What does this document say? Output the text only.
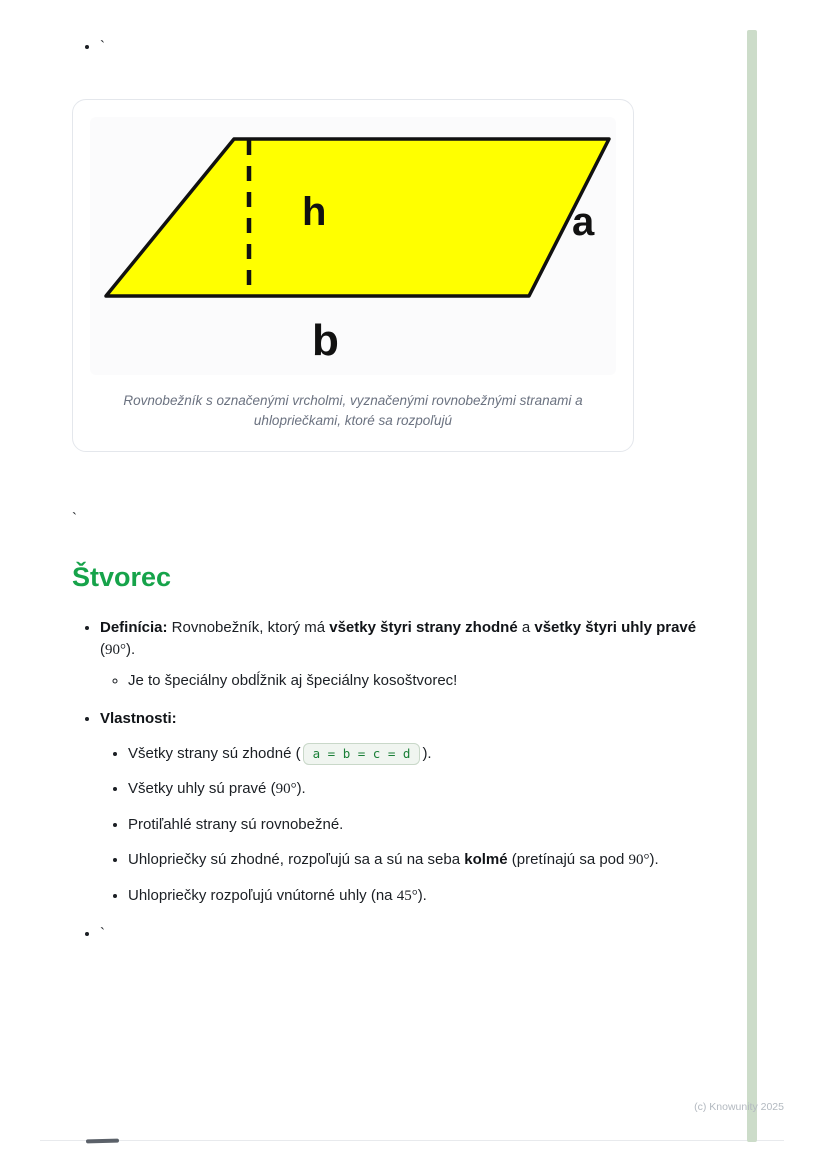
• `
h	a
b
Rovnobežník s označenými vrcholmi, vyznačenými rovnobežnými stranami a uhlopriečkami, ktoré sa rozpoľujú
`
Štvorec
• Definícia: Rovnobežník, ktorý má všetky štyri strany zhodné a všetky štyri uhly pravé (90°).
◦ Je to špeciálny obdĺžnik aj špeciálny kosoštvorec!
• Vlastnosti:
• Všetky strany sú zhodné ( a = b = c = d ).
• Všetky uhly sú pravé (90°).
• Protiľahlé strany sú rovnobežné.
• Uhlopriečky sú zhodné, rozpoľujú sa a sú na seba kolmé (pretínajú sa pod 90°).
• Uhlopriečky rozpoľujú vnútorné uhly (na 45°).
• `
(c) Knowunity 2025
